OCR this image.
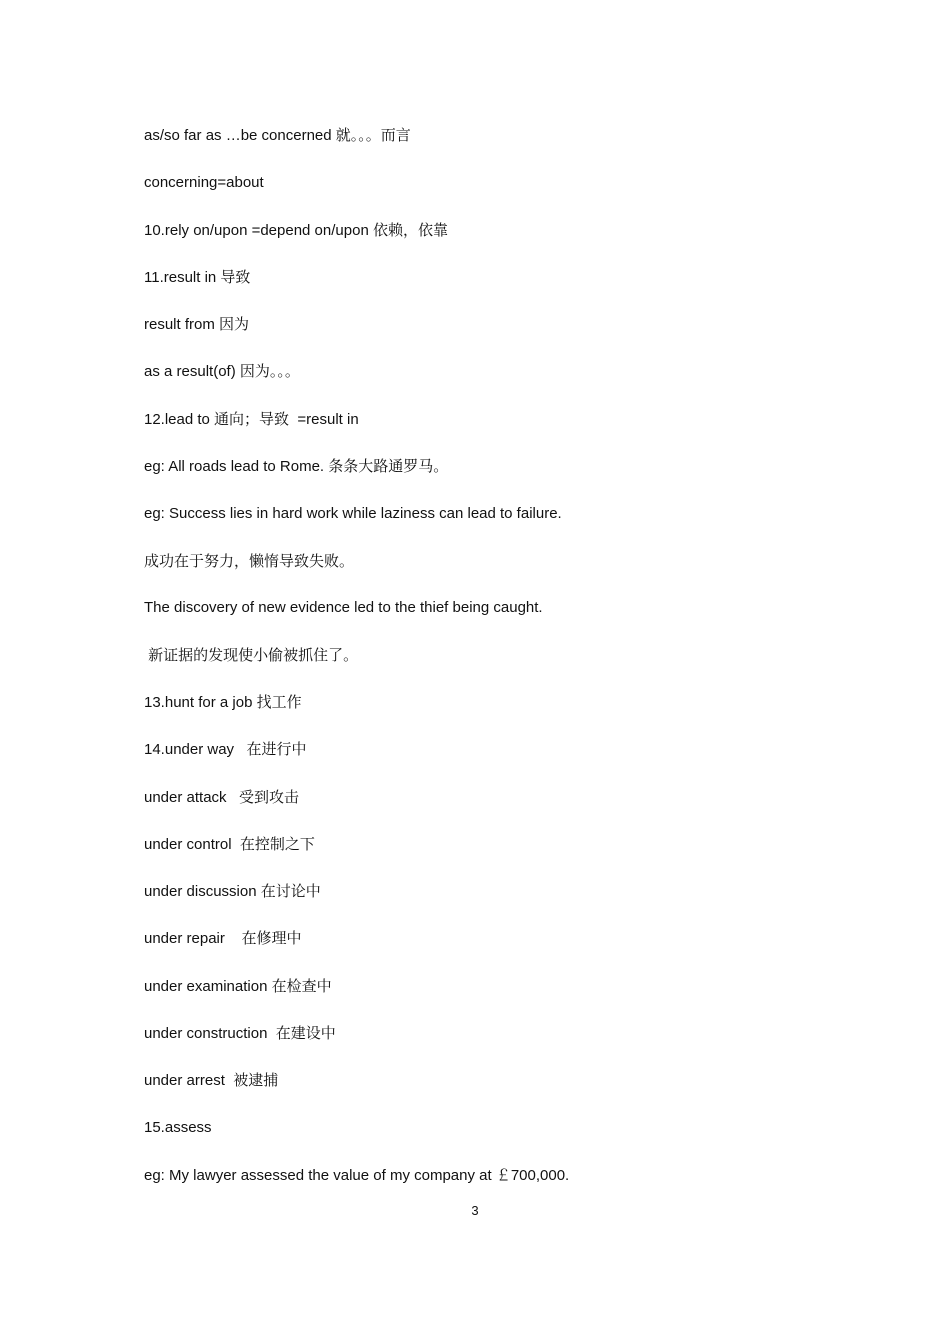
as/so far as …be concerned 就。。。而言
concerning=about
10.rely on/upon =depend on/upon 依赖，依靠
11.result in 导致
result from 因为
as a result(of) 因为。。。
12.lead to 通向；导致  =result in
eg: All roads lead to Rome. 条条大路通罗马。
eg: Success lies in hard work while laziness can lead to failure.
成功在于努力，懒惰导致失败。
The discovery of new evidence led to the thief being caught.
新证据的发现使小偷被抓住了。
13.hunt for a job 找工作
14.under way   在进行中
under attack   受到攻击
under control  在控制之下
under discussion 在讨论中
under repair    在修理中
under examination 在检查中
under construction  在建设中
under arrest  被逮捕
15.assess
eg: My lawyer assessed the value of my company at ￡700,000.
3
